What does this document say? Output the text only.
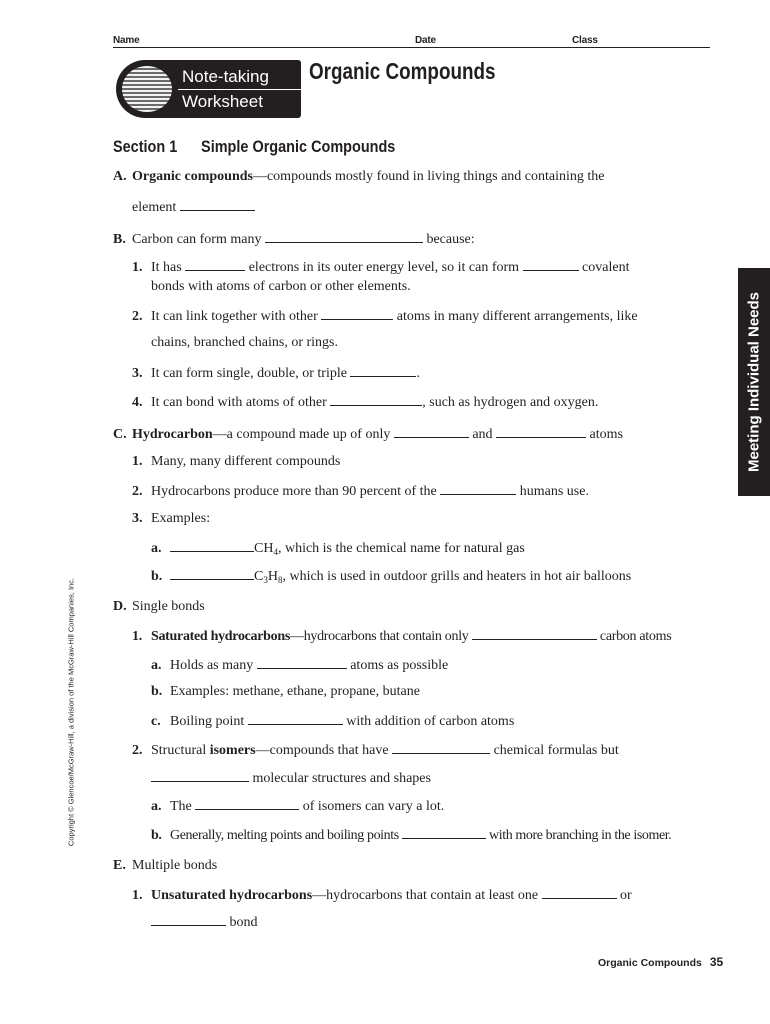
Name	Date	Class
Note-taking
Worksheet
Organic Compounds
Section 1 Simple Organic Compounds
A. Organic compounds—compounds mostly found in living things and containing the
element
B. Carbon can form many	because:
1. It has	electrons in its outer energy level, so it can form	covalent
bonds with atoms of carbon or other elements.
2. It can link together with other	atoms in many different arrangements, like
chains, branched chains, or rings.
3. It can form single, double, or triple	.
4. It can bond with atoms of other	, such as hydrogen and oxygen.
C. Hydrocarbon—a compound made up of only	and	atoms
1. Many, many different compounds
2. Hydrocarbons produce more than 90 percent of the	humans use.
3. Examples:
a.	$CH_4$, which is the chemical name for natural gas
b.	$C_3H_8$, which is used in outdoor grills and heaters in hot air balloons
D. Single bonds
1. Saturated hydrocarbons—hydrocarbons that contain only	carbon atoms
a. Holds as many	atoms as possible
b. Examples: methane, ethane, propane, butane
c. Boiling point	with addition of carbon atoms
2. Structural isomers—compounds that have	chemical formulas but
molecular structures and shapes
a. The	of isomers can vary a lot.
b. Generally, melting points and boiling points	with more branching in the isomer.
E. Multiple bonds
1. Unsaturated hydrocarbons—hydrocarbons that contain at least one	or
bond
Meeting Individual Needs
Copyright © Glencoe/McGraw-Hill, a division of the McGraw-Hill Companies, Inc.
Organic Compounds 35
